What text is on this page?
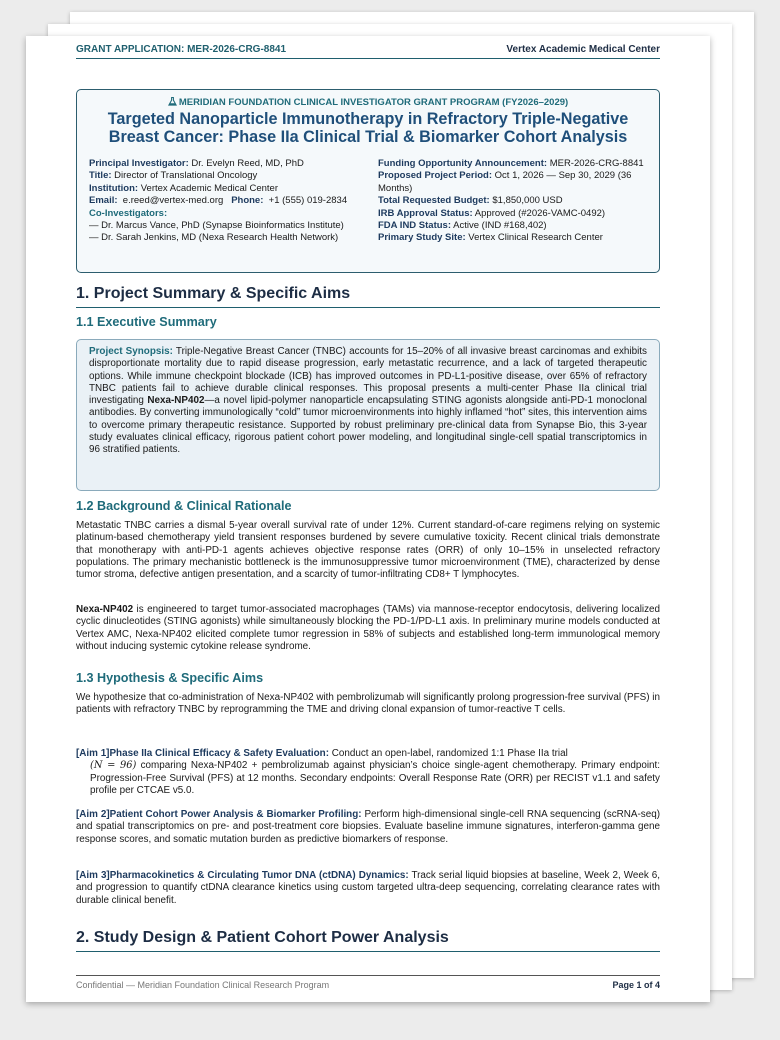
GRANT APPLICATION: MER-2026-CRG-8841	Vertex Academic Medical Center
MERIDIAN FOUNDATION CLINICAL INVESTIGATOR GRANT PROGRAM (FY2026–2029)
Targeted Nanoparticle Immunotherapy in Refractory Triple-Negative
Breast Cancer: Phase IIa Clinical Trial & Biomarker Cohort Analysis
Principal Investigator: Dr. Evelyn Reed, MD, PhD
Title: Director of Translational Oncology
Institution: Vertex Academic Medical Center
Email: e.reed@vertex-med.org Phone: +1 (555) 019-2834
Co-Investigators:
— Dr. Marcus Vance, PhD (Synapse Bioinformatics Institute)
— Dr. Sarah Jenkins, MD (Nexa Research Health Network)
Funding Opportunity Announcement: MER-2026-CRG-8841
Proposed Project Period: Oct 1, 2026 — Sep 30, 2029 (36 Months)
Total Requested Budget: $1,850,000 USD
IRB Approval Status: Approved (#2026-VAMC-0492)
FDA IND Status: Active (IND #168,402)
Primary Study Site: Vertex Clinical Research Center
1. Project Summary & Specific Aims
1.1 Executive Summary
Project Synopsis: Triple-Negative Breast Cancer (TNBC) accounts for 15–20% of all invasive breast carcinomas and exhibits disproportionate mortality due to rapid disease progression, early metastatic recurrence, and a lack of targeted therapeutic options. While immune checkpoint blockade (ICB) has improved outcomes in PD-L1-positive disease, over 65% of refractory TNBC patients fail to achieve durable clinical responses. This proposal presents a multi-center Phase IIa clinical trial investigating Nexa-NP402—a novel lipid-polymer nanoparticle encapsulating STING agonists alongside anti-PD-1 monoclonal antibodies. By converting immunologically “cold” tumor microenvironments into highly inflamed “hot” sites, this intervention aims to overcome primary therapeutic resistance. Supported by robust preliminary pre-clinical data from Synapse Bio, this 3-year study evaluates clinical efficacy, rigorous patient cohort power modeling, and longitudinal single-cell spatial transcriptomics in 96 stratified patients.
1.2 Background & Clinical Rationale

Metastatic TNBC carries a dismal 5-year overall survival rate of under 12%. Current standard-of-care regimens relying on systemic platinum-based chemotherapy yield transient responses burdened by severe cumulative toxicity. Recent clinical trials demonstrate that monotherapy with anti-PD-1 agents achieves objective response rates (ORR) of only 10–15% in unselected refractory populations. The primary mechanistic bottleneck is the immunosuppressive tumor microenvironment (TME), characterized by dense tumor stroma, defective antigen presentation, and a scarcity of tumor-infiltrating CD8+ T lymphocytes.

Nexa-NP402 is engineered to target tumor-associated macrophages (TAMs) via mannose-receptor endocytosis, delivering localized cyclic dinucleotides (STING agonists) while simultaneously blocking the PD-1/PD-L1 axis. In preliminary murine models conducted at Vertex AMC, Nexa-NP402 elicited complete tumor regression in 58% of subjects and established long-term immunological memory without inducing systemic cytokine release syndrome.

1.3 Hypothesis & Specific Aims

We hypothesize that co-administration of Nexa-NP402 with pembrolizumab will significantly prolong progression-free survival (PFS) in patients with refractory TNBC by reprogramming the TME and driving clonal expansion of tumor-reactive T cells.

[Aim 1]Phase IIa Clinical Efficacy & Safety Evaluation: Conduct an open-label, randomized 1:1 Phase IIa trial
(N = 96) comparing Nexa-NP402 + pembrolizumab against physician’s choice single-agent chemotherapy. Primary endpoint: Progression-Free Survival (PFS) at 12 months. Secondary endpoints: Overall Response Rate (ORR) per RECIST v1.1 and safety profile per CTCAE v5.0.
[Aim 2]Patient Cohort Power Analysis & Biomarker Profiling: Perform high-dimensional single-cell RNA sequencing (scRNA-seq) and spatial transcriptomics on pre- and post-treatment core biopsies. Evaluate baseline immune signatures, interferon-gamma gene response scores, and somatic mutation burden as predictive biomarkers of response.
[Aim 3]Pharmacokinetics & Circulating Tumor DNA (ctDNA) Dynamics: Track serial liquid biopsies at baseline, Week 2, Week 6, and progression to quantify ctDNA clearance kinetics using custom targeted ultra-deep sequencing, correlating clearance rates with durable clinical benefit.
2. Study Design & Patient Cohort Power Analysis
Confidential — Meridian Foundation Clinical Research Program	Page 1 of 4
